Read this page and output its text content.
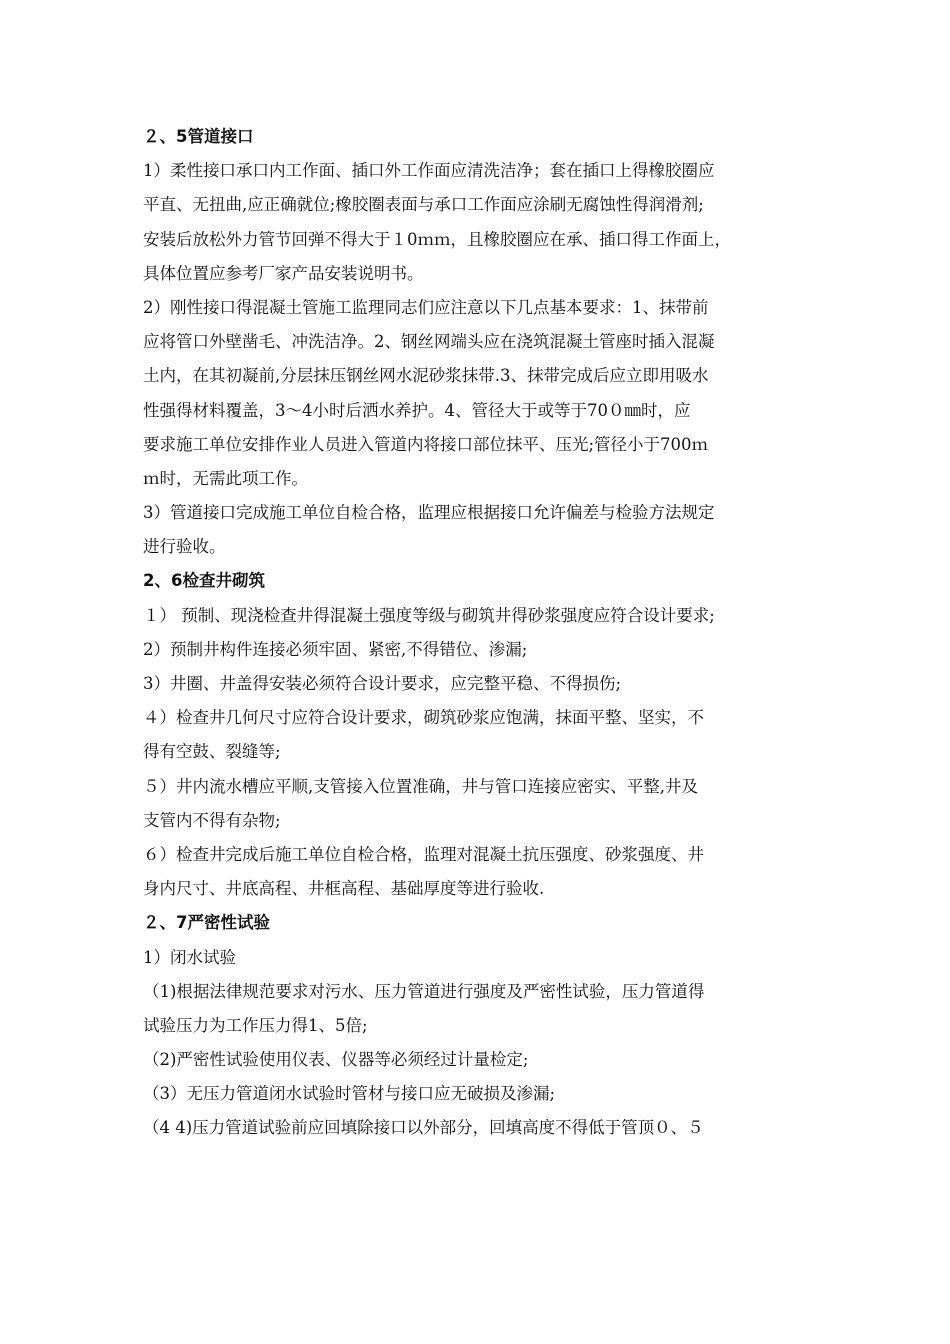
２、5管道接口
1）柔性接口承口内工作面、插口外工作面应清洗洁净；套在插口上得橡胶圈应
平直、无扭曲,应正确就位;橡胶圈表面与承口工作面应涂刷无腐蚀性得润滑剂;
安装后放松外力管节回弹不得大于１0ｍｍ，且橡胶圈应在承、插口得工作面上，
具体位置应参考厂家产品安装说明书。
2）刚性接口得混凝土管施工监理同志们应注意以下几点基本要求：1、抹带前
应将管口外壁凿毛、冲洗洁净。2、钢丝网端头应在浇筑混凝土管座时插入混凝
土内，在其初凝前,分层抹压钢丝网水泥砂浆抹带.3、抹带完成后应立即用吸水
性强得材料覆盖，3～4小时后洒水养护。4、管径大于或等于70０㎜时，应
要求施工单位安排作业人员进入管道内将接口部位抹平、压光;管径小于700ｍ
ｍ时，无需此项工作。
3）管道接口完成施工单位自检合格，监理应根据接口允许偏差与检验方法规定
进行验收。
2、6检查井砌筑
１） 预制、现浇检查井得混凝土强度等级与砌筑井得砂浆强度应符合设计要求;
2）预制井构件连接必须牢固、紧密,不得错位、渗漏;
3）井圈、井盖得安装必须符合设计要求，应完整平稳、不得损伤;
４）检查井几何尺寸应符合设计要求，砌筑砂浆应饱满，抹面平整、坚实，不
得有空鼓、裂缝等;
５）井内流水槽应平顺,支管接入位置准确，井与管口连接应密实、平整,井及
支管内不得有杂物;
６）检查井完成后施工单位自检合格，监理对混凝土抗压强度、砂浆强度、井
身内尺寸、井底高程、井框高程、基础厚度等进行验收.
２、7严密性试验
1）闭水试验
（1)根据法律规范要求对污水、压力管道进行强度及严密性试验，压力管道得
试验压力为工作压力得1、5倍;
（2)严密性试验使用仪表、仪器等必须经过计量检定;
（3）无压力管道闭水试验时管材与接口应无破损及渗漏;
（4 4)压力管道试验前应回填除接口以外部分，回填高度不得低于管顶０、５
